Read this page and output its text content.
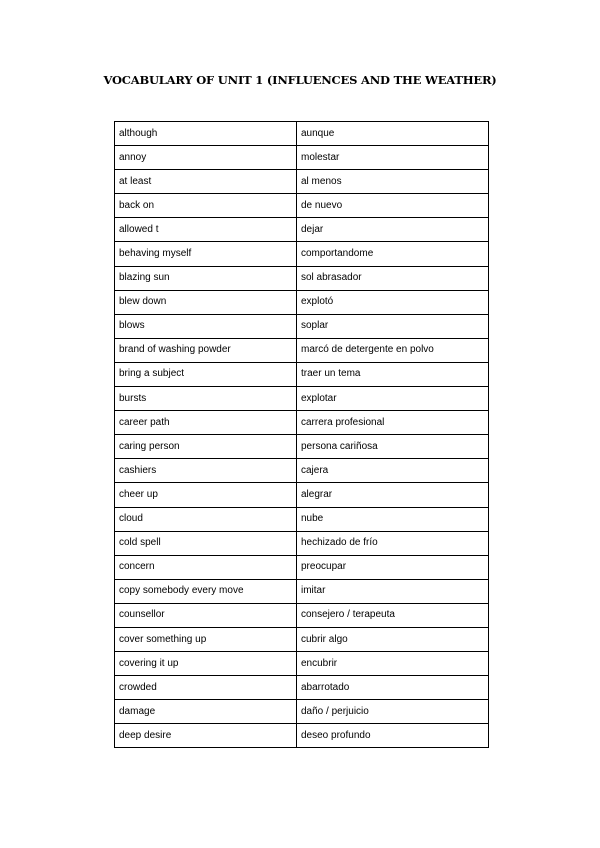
VOCABULARY OF UNIT 1 (INFLUENCES AND THE WEATHER)
although	aunque
annoy	molestar
at least	al menos
back on	de nuevo
allowed t	dejar
behaving myself	comportandome
blazing sun	sol abrasador
blew down	explotó
blows	soplar
brand of washing powder	marcó de detergente en polvo
bring a subject	traer un tema
bursts	explotar
career path	carrera profesional
caring person	persona cariñosa
cashiers	cajera
cheer up	alegrar
cloud	nube
cold spell	hechizado de frío
concern	preocupar
copy somebody every move	imitar
counsellor	consejero / terapeuta
cover something up	cubrir algo
covering it up	encubrir
crowded	abarrotado
damage	daño / perjuicio
deep desire	deseo profundo
